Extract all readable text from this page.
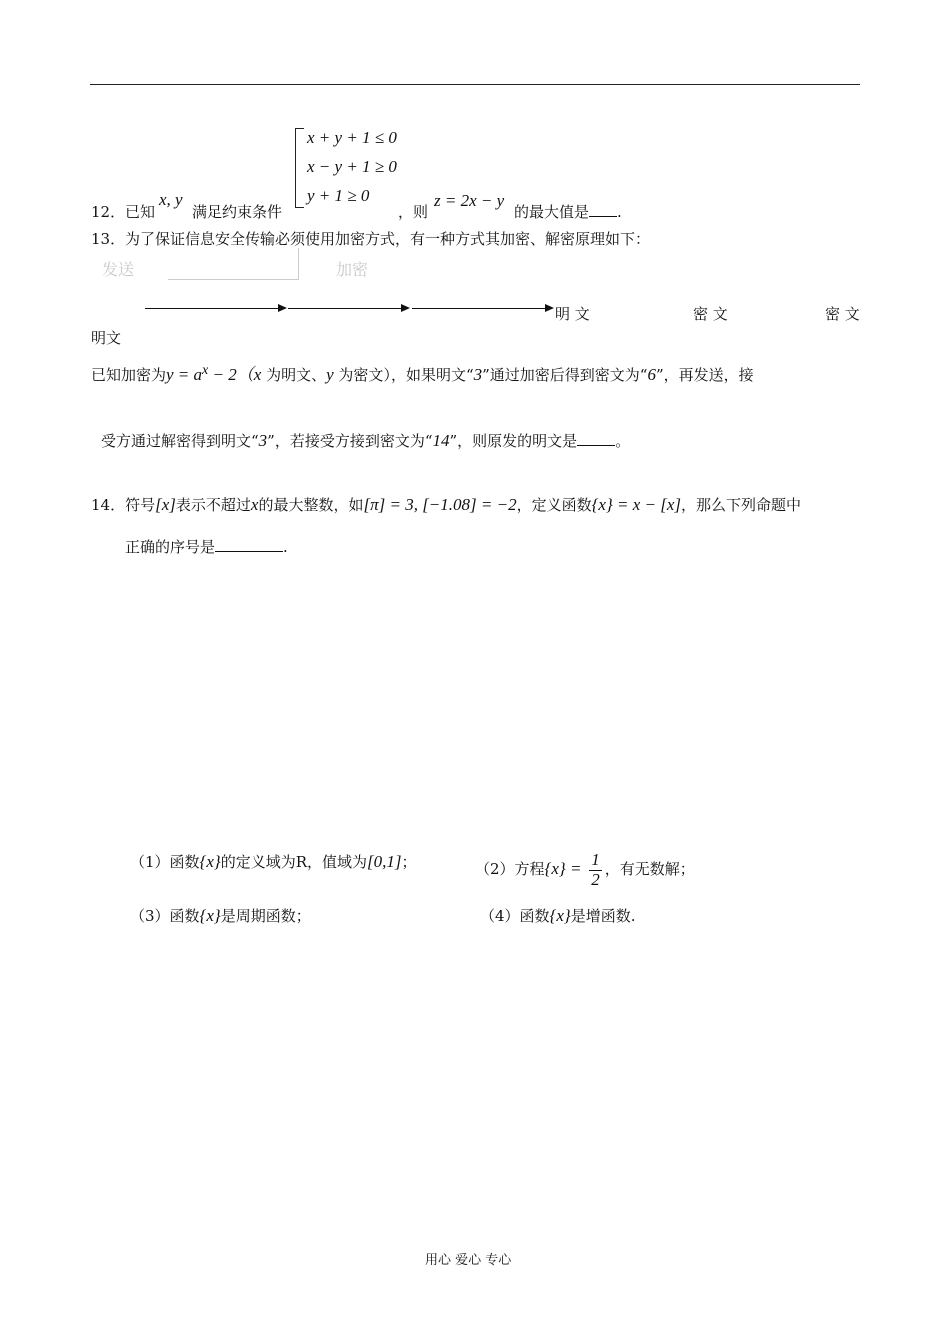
x + y + 1 ≤ 0
x − y + 1 ≥ 0
y + 1 ≥ 0
12． 已知
x, y
满足约束条件	，则
z = 2x − y
的最大值是 .
13． 为了保证信息安全传输必须使用加密方式，有一种方式其加密、解密原理如下：
发送	加密
明 文	密 文	密 文
明文
已知加密为$y = a^x - 2(x$ 为明文、y 为密文），如果明文“3”通过加密后得到密文为“6”，再发送，接
受方通过解密得到明文“3”，若接受方接到密文为“14”，则原发的明文是	。
14．符号[x]表示不超过x的最大整数，如[π] = 3, [−1.08] = −2，定义函数{x} = x − [x]，那么下列命题中
正确的序号是	.
（1）函数{x}的定义域为R，值域为[0,1]；	（2）方程$\{x\} = \frac{1}{2}$ ，有无数解；
（3）函数{x}是周期函数；	（4）函数{x}是增函数.
用心 爱心 专心
